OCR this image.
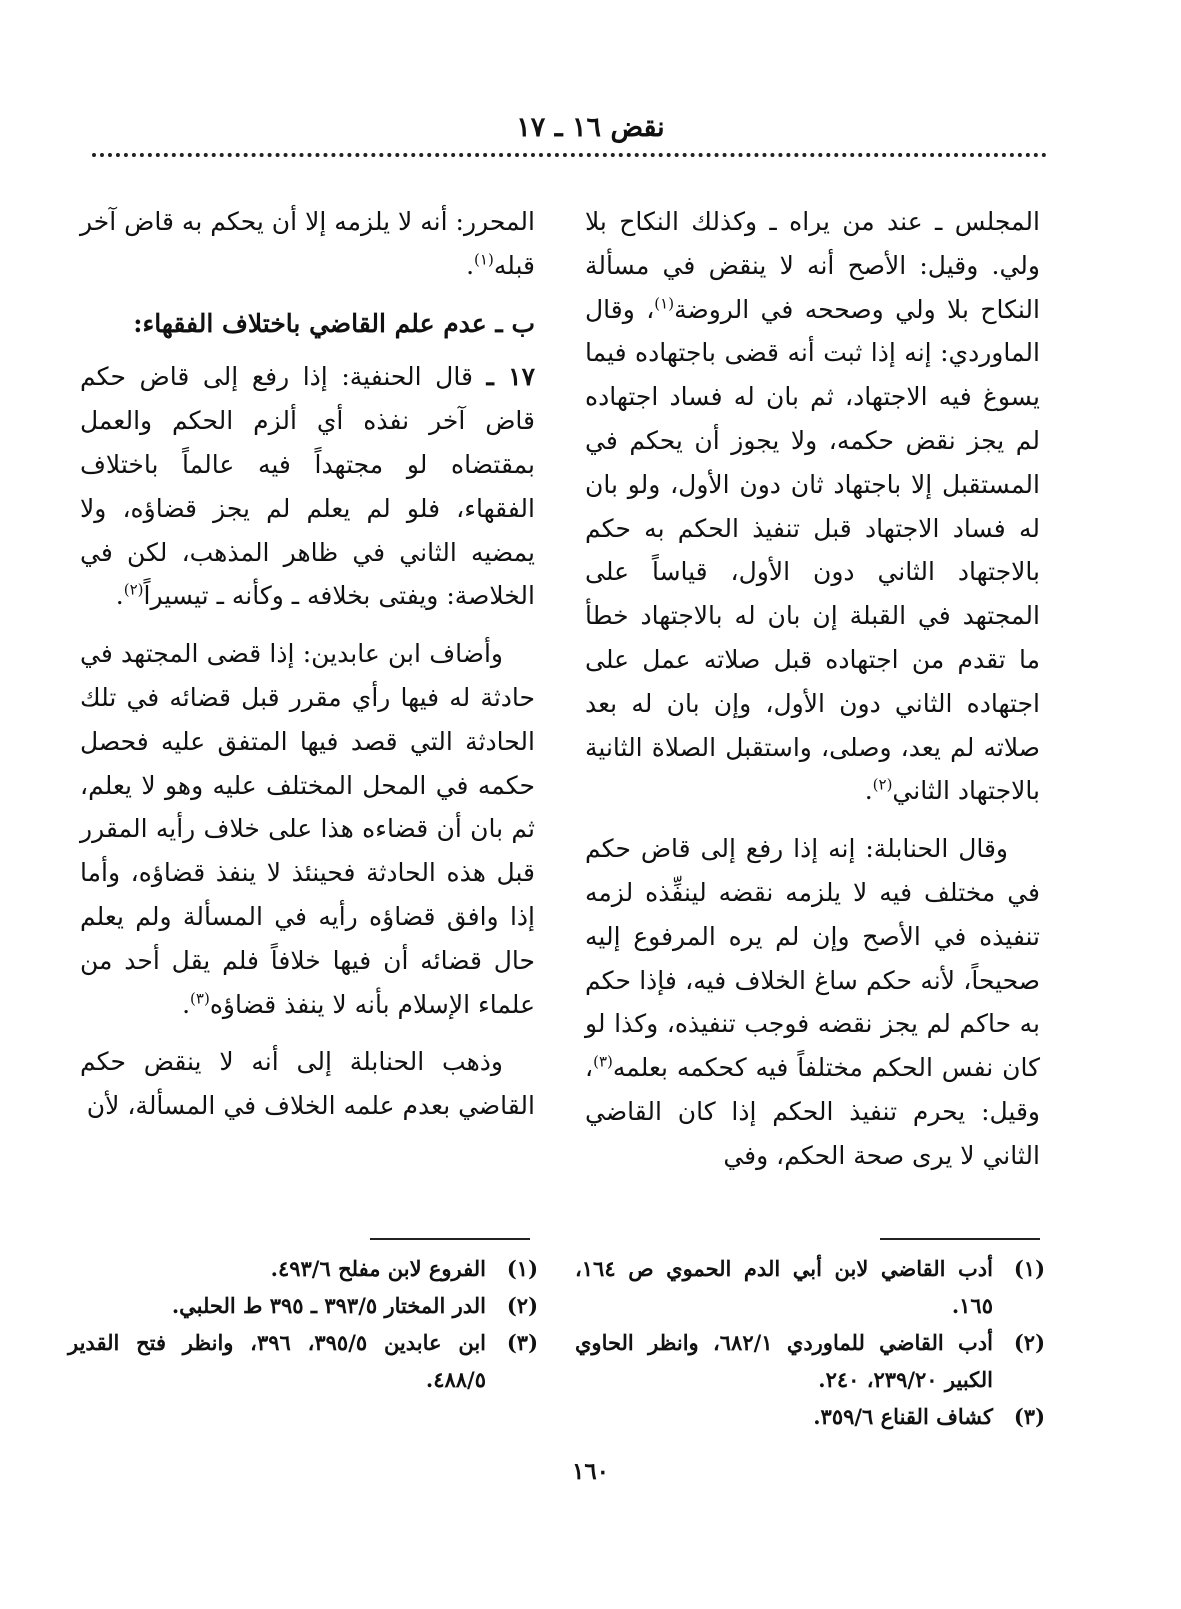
نقض ١٦ ـ ١٧

المجلس ـ عند من يراه ـ وكذلك النكاح بلا ولي. وقيل: الأصح أنه لا ينقض في مسألة النكاح بلا ولي وصححه في الروضة$^{(١)}$، وقال الماوردي: إنه إذا ثبت أنه قضى باجتهاده فيما يسوغ فيه الاجتهاد، ثم بان له فساد اجتهاده لم يجز نقض حكمه، ولا يجوز أن يحكم في المستقبل إلا باجتهاد ثان دون الأول، ولو بان له فساد الاجتهاد قبل تنفيذ الحكم به حكم بالاجتهاد الثاني دون الأول، قياساً على المجتهد في القبلة إن بان له بالاجتهاد خطأ ما تقدم من اجتهاده قبل صلاته عمل على اجتهاده الثاني دون الأول، وإن بان له بعد صلاته لم يعد، وصلى، واستقبل الصلاة الثانية بالاجتهاد الثاني$^{(٢)}$.

وقال الحنابلة: إنه إذا رفع إلى قاض حكم في مختلف فيه لا يلزمه نقضه لينفِّذه لزمه تنفيذه في الأصح وإن لم يره المرفوع إليه صحيحاً، لأنه حكم ساغ الخلاف فيه، فإذا حكم به حاكم لم يجز نقضه فوجب تنفيذه، وكذا لو كان نفس الحكم مختلفاً فيه كحكمه بعلمه$^{(٣)}$، وقيل: يحرم تنفيذ الحكم إذا كان القاضي الثاني لا يرى صحة الحكم، وفي

المحرر: أنه لا يلزمه إلا أن يحكم به قاض آخر قبله$^{(١)}$.

ب ـ عدم علم القاضي باختلاف الفقهاء:

١٧ ـ قال الحنفية: إذا رفع إلى قاض حكم قاض آخر نفذه أي ألزم الحكم والعمل بمقتضاه لو مجتهداً فيه عالماً باختلاف الفقهاء، فلو لم يعلم لم يجز قضاؤه، ولا يمضيه الثاني في ظاهر المذهب، لكن في الخلاصة: ويفتى بخلافه ـ وكأنه ـ تيسيراً$^{(٢)}$.

وأضاف ابن عابدين: إذا قضى المجتهد في حادثة له فيها رأي مقرر قبل قضائه في تلك الحادثة التي قصد فيها المتفق عليه فحصل حكمه في المحل المختلف عليه وهو لا يعلم، ثم بان أن قضاءه هذا على خلاف رأيه المقرر قبل هذه الحادثة فحينئذ لا ينفذ قضاؤه، وأما إذا وافق قضاؤه رأيه في المسألة ولم يعلم حال قضائه أن فيها خلافاً فلم يقل أحد من علماء الإسلام بأنه لا ينفذ قضاؤه$^{(٣)}$.

وذهب الحنابلة إلى أنه لا ينقض حكم القاضي بعدم علمه الخلاف في المسألة، لأن

(١)
أدب القاضي لابن أبي الدم الحموي ص ١٦٤، ١٦٥.
(٢)
أدب القاضي للماوردي ٦٨٢/١، وانظر الحاوي الكبير ٢٣٩/٢٠، ٢٤٠.
(٣)
كشاف القناع ٣٥٩/٦.
(١)
الفروع لابن مفلح ٤٩٣/٦.
(٢)
الدر المختار ٣٩٣/٥ ـ ٣٩٥ ط الحلبي.
(٣)
ابن عابدين ٣٩٥/٥، ٣٩٦، وانظر فتح القدير ٤٨٨/٥.
١٦٠
